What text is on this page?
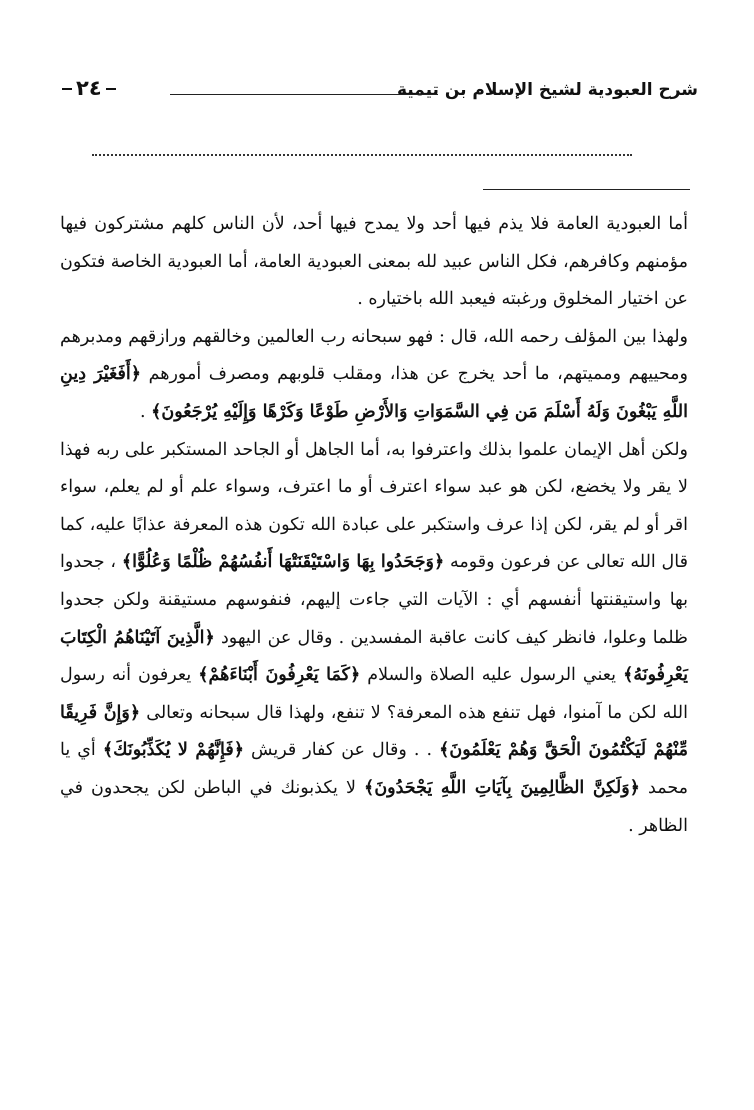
شرح العبودية لشيخ الإسلام بن تيمية
٢٤

أما العبودية العامة فلا يذم فيها أحد ولا يمدح فيها أحد، لأن الناس كلهم مشتركون فيها مؤمنهم وكافرهم، فكل الناس عبيد لله بمعنى العبودية العامة، أما العبودية الخاصة فتكون عن اختيار المخلوق ورغبته فيعبد الله باختياره .

ولهذا بين المؤلف رحمه الله، قال : فهو سبحانه رب العالمين وخالقهم ورازقهم ومدبرهم ومحييهم ومميتهم، ما أحد يخرج عن هذا، ومقلب قلوبهم ومصرف أمورهم ﴿أَفَغَيْرَ دِينِ اللَّهِ يَبْغُونَ وَلَهُ أَسْلَمَ مَن فِي السَّمَوَاتِ وَالأَرْضِ طَوْعًا وَكَرْهًا وَإِلَيْهِ يُرْجَعُونَ﴾ .

ولكن أهل الإيمان علموا بذلك واعترفوا به، أما الجاهل أو الجاحد المستكبر على ربه فهذا لا يقر ولا يخضع، لكن هو عبد سواء اعترف أو ما اعترف، وسواء علم أو لم يعلم، سواء اقر أو لم يقر، لكن إذا عرف واستكبر على عبادة الله تكون هذه المعرفة عذابًا عليه، كما قال الله تعالى عن فرعون وقومه ﴿وَجَحَدُوا بِهَا وَاسْتَيْقَنَتْهَا أَنفُسُهُمْ ظُلْمًا وَعُلُوًّا﴾ ، جحدوا بها واستيقنتها أنفسهم أي : الآيات التي جاءت إليهم، فنفوسهم مستيقنة ولكن جحدوا ظلما وعلوا، فانظر كيف كانت عاقبة المفسدين . وقال عن اليهود ﴿الَّذِينَ آتَيْنَاهُمُ الْكِتَابَ يَعْرِفُونَهُ﴾ يعني الرسول عليه الصلاة والسلام ﴿كَمَا يَعْرِفُونَ أَبْنَاءَهُمْ﴾ يعرفون أنه رسول الله لكن ما آمنوا، فهل تنفع هذه المعرفة؟ لا تنفع، ولهذا قال سبحانه وتعالى ﴿وَإِنَّ فَرِيقًا مِّنْهُمْ لَيَكْتُمُونَ الْحَقَّ وَهُمْ يَعْلَمُونَ﴾ . . وقال عن كفار قريش ﴿فَإِنَّهُمْ لا يُكَذِّبُونَكَ﴾ أي يا محمد ﴿وَلَكِنَّ الظَّالِمِينَ بِآيَاتِ اللَّهِ يَجْحَدُونَ﴾ لا يكذبونك في الباطن لكن يجحدون في الظاهر .
